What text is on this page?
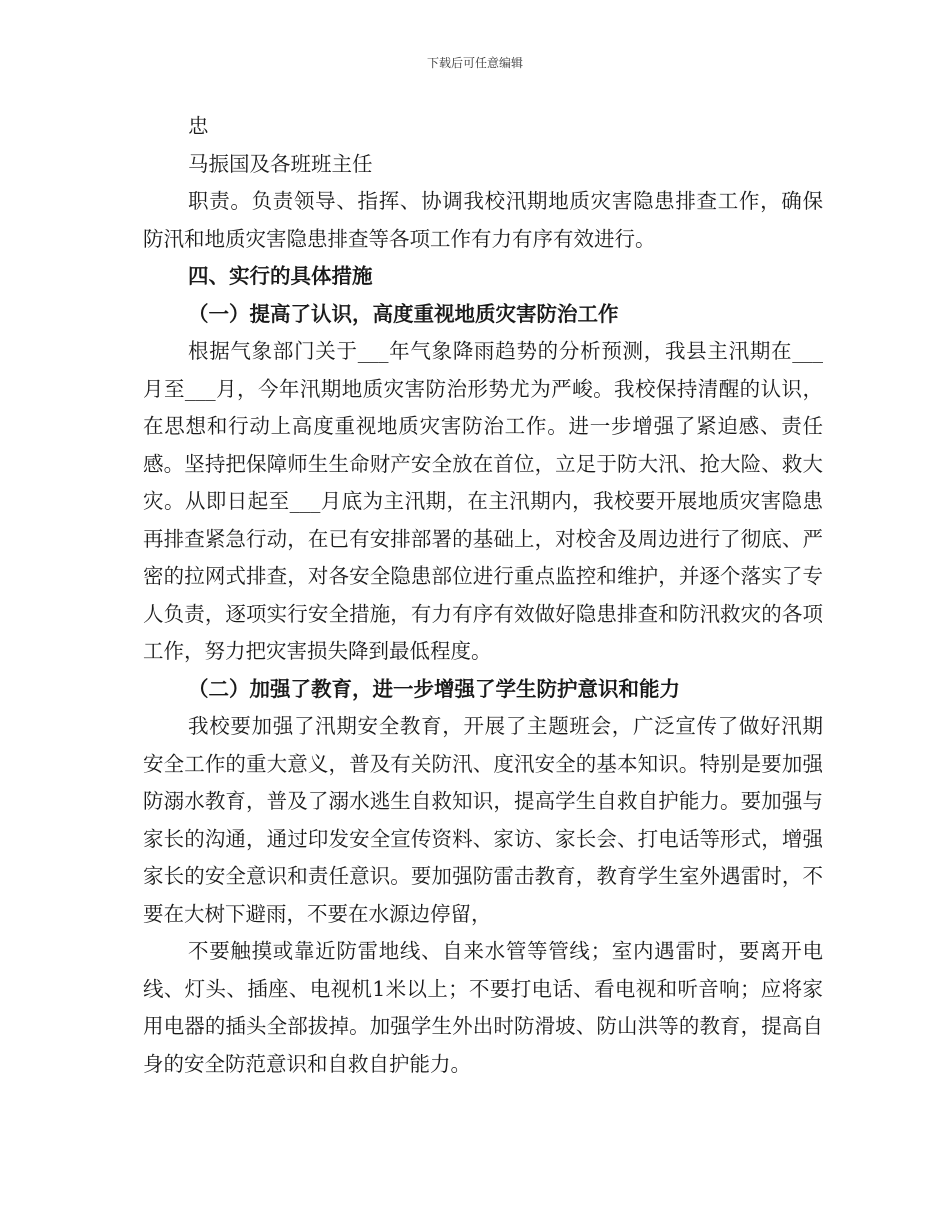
下载后可任意编辑

忠

马振国及各班班主任

职责。负责领导、指挥、协调我校汛期地质灾害隐患排查工作，确保防汛和地质灾害隐患排查等各项工作有力有序有效进行。

四、实行的具体措施

（一）提高了认识，高度重视地质灾害防治工作

根据气象部门关于___年气象降雨趋势的分析预测，我县主汛期在___月至___月，今年汛期地质灾害防治形势尤为严峻。我校保持清醒的认识，在思想和行动上高度重视地质灾害防治工作。进一步增强了紧迫感、责任感。坚持把保障师生生命财产安全放在首位，立足于防大汛、抢大险、救大灾。从即日起至___月底为主汛期，在主汛期内，我校要开展地质灾害隐患再排查紧急行动，在已有安排部署的基础上，对校舍及周边进行了彻底、严密的拉网式排查，对各安全隐患部位进行重点监控和维护，并逐个落实了专人负责，逐项实行安全措施，有力有序有效做好隐患排查和防汛救灾的各项工作，努力把灾害损失降到最低程度。

（二）加强了教育，进一步增强了学生防护意识和能力

我校要加强了汛期安全教育，开展了主题班会，广泛宣传了做好汛期安全工作的重大意义，普及有关防汛、度汛安全的基本知识。特别是要加强防溺水教育，普及了溺水逃生自救知识，提高学生自救自护能力。要加强与家长的沟通，通过印发安全宣传资料、家访、家长会、打电话等形式，增强家长的安全意识和责任意识。要加强防雷击教育，教育学生室外遇雷时，不要在大树下避雨，不要在水源边停留，

不要触摸或靠近防雷地线、自来水管等管线；室内遇雷时，要离开电线、灯头、插座、电视机1米以上；不要打电话、看电视和听音响；应将家用电器的插头全部拔掉。加强学生外出时防滑坡、防山洪等的教育，提高自身的安全防范意识和自救自护能力。
